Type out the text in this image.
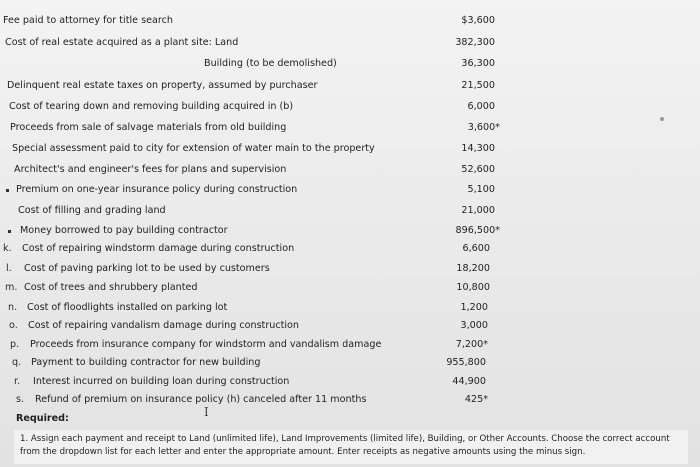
Fee paid to attorney for title search	$3,600
Cost of real estate acquired as a plant site: Land	382,300
Building (to be demolished)	36,300
Delinquent real estate taxes on property, assumed by purchaser	21,500
Cost of tearing down and removing building acquired in (b)	6,000
Proceeds from sale of salvage materials from old building	3,600*
Special assessment paid to city for extension of water main to the property	14,300
Architect's and engineer's fees for plans and supervision	52,600
Premium on one-year insurance policy during construction	5,100
Cost of filling and grading land	21,000
Money borrowed to pay building contractor	896,500*
k. Cost of repairing windstorm damage during construction	6,600
l. Cost of paving parking lot to be used by customers	18,200
m. Cost of trees and shrubbery planted	10,800
n. Cost of floodlights installed on parking lot	1,200
o. Cost of repairing vandalism damage during construction	3,000
p. Proceeds from insurance company for windstorm and vandalism damage	7,200*
q. Payment to building contractor for new building	955,800
r. Interest incurred on building loan during construction	44,900
s. Refund of premium on insurance policy (h) canceled after 11 months	425*
Required:	I
1. Assign each payment and receipt to Land (unlimited life), Land Improvements (limited life), Building, or Other Accounts. Choose the correct account from the dropdown list for each letter and enter the appropriate amount. Enter receipts as negative amounts using the minus sign.
